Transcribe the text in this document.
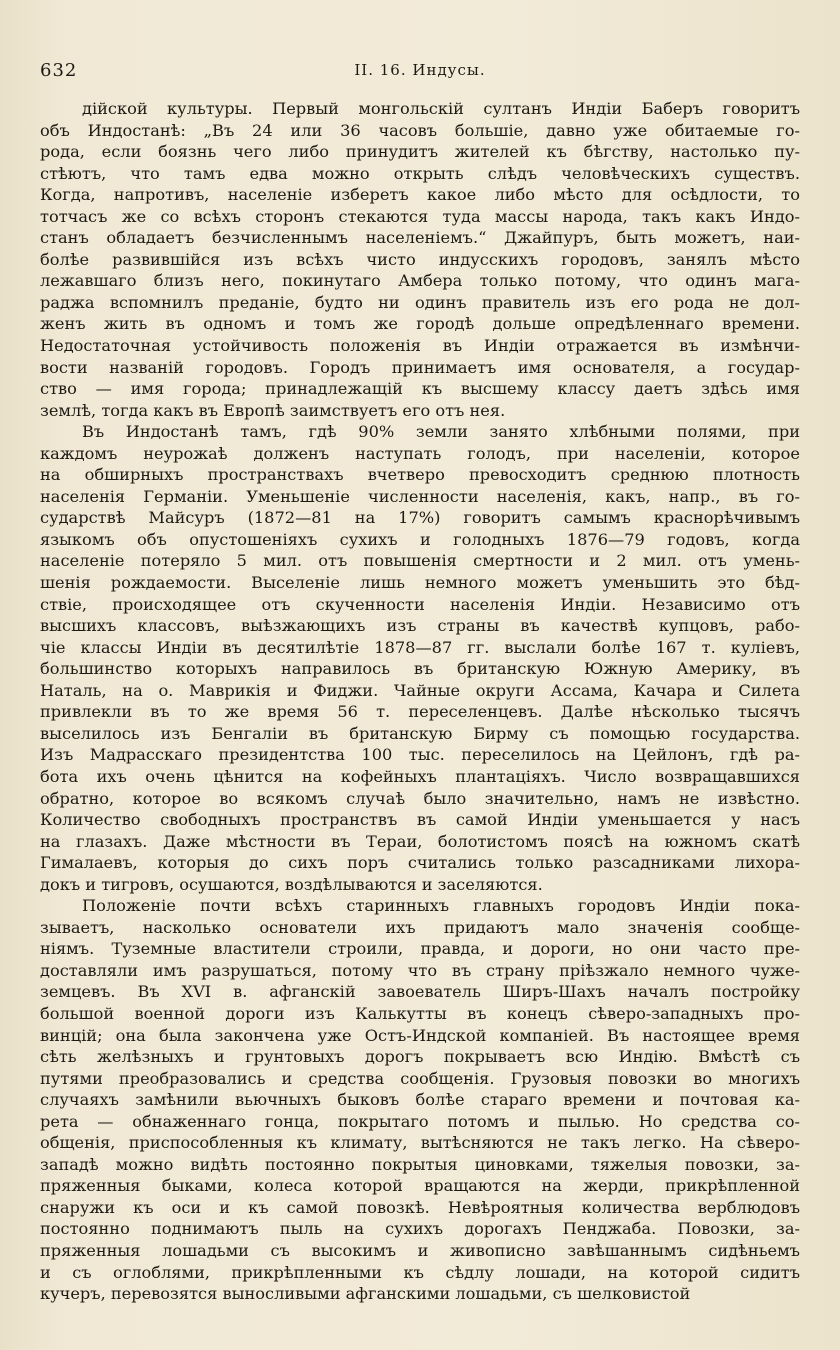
632	II. 16. Индусы.
дійской культуры. Первый монгольскій султанъ Индіи Баберъ говоритъ
объ Индостанѣ: „Въ 24 или 36 часовъ большіе, давно уже обитаемые го-
рода, если боязнь чего либо принудитъ жителей къ бѣгству, настолько пу-
стѣютъ, что тамъ едва можно открыть слѣдъ человѣческихъ существъ.
Когда, напротивъ, населеніе изберетъ какое либо мѣсто для осѣдлости, то
тотчасъ же со всѣхъ сторонъ стекаются туда массы народа, такъ какъ Индо-
станъ обладаетъ безчисленнымъ населеніемъ.“ Джайпуръ, быть можетъ, наи-
болѣе развившійся изъ всѣхъ чисто индусскихъ городовъ, занялъ мѣсто
лежавшаго близъ него, покинутаго Амбера только потому, что одинъ мага-
раджа вспомнилъ преданіе, будто ни одинъ правитель изъ его рода не дол-
женъ жить въ одномъ и томъ же городѣ дольше опредѣленнаго времени.
Недостаточная устойчивость положенія въ Индіи отражается въ измѣнчи-
вости названій городовъ. Городъ принимаетъ имя основателя, а государ-
ство — имя города; принадлежащій къ высшему классу даетъ здѣсь имя
землѣ, тогда какъ въ Европѣ заимствуетъ его отъ нея.
Въ Индостанѣ тамъ, гдѣ 90% земли занято хлѣбными полями, при
каждомъ неурожаѣ долженъ наступать голодъ, при населеніи, которое
на обширныхъ пространствахъ вчетверо превосходитъ среднюю плотность
населенія Германіи. Уменьшеніе численности населенія, какъ, напр., въ го-
сударствѣ Майсуръ (1872—81 на 17%) говоритъ самымъ краснорѣчивымъ
языкомъ объ опустошеніяхъ сухихъ и голодныхъ 1876—79 годовъ, когда
населеніе потеряло 5 мил. отъ повышенія смертности и 2 мил. отъ умень-
шенія рождаемости. Выселеніе лишь немного можетъ уменьшить это бѣд-
ствіе, происходящее отъ скученности населенія Индіи. Независимо отъ
высшихъ классовъ, выѣзжающихъ изъ страны въ качествѣ купцовъ, рабо-
чіе классы Индіи въ десятилѣтіе 1878—87 гг. выслали болѣе 167 т. куліевъ,
большинство которыхъ направилось въ британскую Южную Америку, въ
Наталь, на о. Маврикія и Фиджи. Чайные округи Ассама, Качара и Силета
привлекли въ то же время 56 т. переселенцевъ. Далѣе нѣсколько тысячъ
выселилось изъ Бенгаліи въ британскую Бирму съ помощью государства.
Изъ Мадрасскаго президентства 100 тыс. переселилось на Цейлонъ, гдѣ ра-
бота ихъ очень цѣнится на кофейныхъ плантаціяхъ. Число возвращавшихся
обратно, которое во всякомъ случаѣ было значительно, намъ не извѣстно.
Количество свободныхъ пространствъ въ самой Индіи уменьшается у насъ
на глазахъ. Даже мѣстности въ Тераи, болотистомъ поясѣ на южномъ скатѣ
Гималаевъ, которыя до сихъ поръ считались только разсадниками лихора-
докъ и тигровъ, осушаются, воздѣлываются и заселяются.
Положеніе почти всѣхъ старинныхъ главныхъ городовъ Индіи пока-
зываетъ, насколько основатели ихъ придаютъ мало значенія сообще-
ніямъ. Туземные властители строили, правда, и дороги, но они часто пре-
доставляли имъ разрушаться, потому что въ страну пріѣзжало немного чуже-
земцевъ. Въ XVI в. афганскій завоеватель Ширъ-Шахъ началъ постройку
большой военной дороги изъ Калькутты въ конецъ сѣверо-западныхъ про-
винцій; она была закончена уже Остъ-Индской компаніей. Въ настоящее время
сѣть желѣзныхъ и грунтовыхъ дорогъ покрываетъ всю Индію. Вмѣстѣ съ
путями преобразовались и средства сообщенія. Грузовыя повозки во многихъ
случаяхъ замѣнили вьючныхъ быковъ болѣе стараго времени и почтовая ка-
рета — обнаженнаго гонца, покрытаго потомъ и пылью. Но средства со-
общенія, приспособленныя къ климату, вытѣсняются не такъ легко. На сѣверо-
западѣ можно видѣть постоянно покрытыя циновками, тяжелыя повозки, за-
пряженныя быками, колеса которой вращаются на жерди, прикрѣпленной
снаружи къ оси и къ самой повозкѣ. Невѣроятныя количества верблюдовъ
постоянно поднимаютъ пыль на сухихъ дорогахъ Пенджаба. Повозки, за-
пряженныя лошадьми съ высокимъ и живописно завѣшаннымъ сидѣньемъ
и съ оглоблями, прикрѣпленными къ сѣдлу лошади, на которой сидитъ
кучеръ, перевозятся выносливыми афганскими лошадьми, съ шелковистой
